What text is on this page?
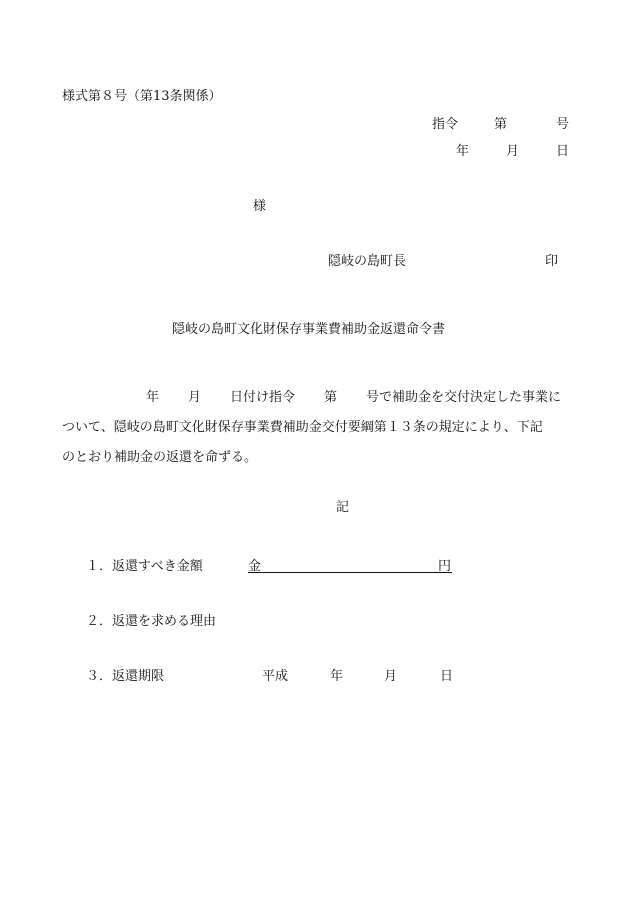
様式第８号（第13条関係）
指令	第	号
年	月	日
様
隠岐の島町長	印
隠岐の島町文化財保存事業費補助金返還命令書
年 月 日付け指令 第 号で補助金を交付決定した事業に
ついて、隠岐の島町文化財保存事業費補助金交付要綱第１３条の規定により、下記
のとおり補助金の返還を命ずる。
記
１． 返還すべき金額	金	円
２． 返還を求める理由
３． 返還期限	平成	年	月	日
